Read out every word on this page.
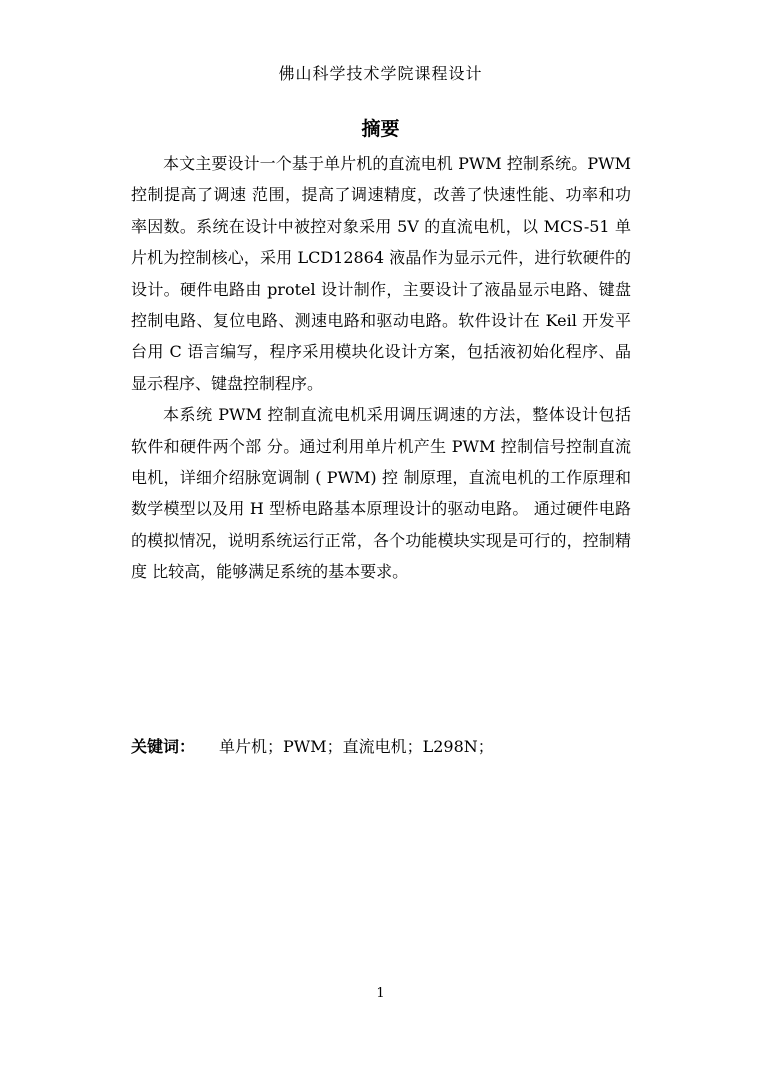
佛山科学技术学院课程设计
摘要

本文主要设计一个基于单片机的直流电机 PWM 控制系统。PWM 控制提高了调速 范围，提高了调速精度，改善了快速性能、功率和功率因数。系统在设计中被控对象采用 5V 的直流电机，以 MCS-51 单片机为控制核心，采用 LCD12864 液晶作为显示元件，进行软硬件的设计。硬件电路由 protel 设计制作，主要设计了液晶显示电路、键盘控制电路、复位电路、测速电路和驱动电路。软件设计在 Keil 开发平台用 C 语言编写，程序采用模块化设计方案，包括液初始化程序、晶显示程序、键盘控制程序。

本系统 PWM 控制直流电机采用调压调速的方法，整体设计包括软件和硬件两个部 分。通过利用单片机产生 PWM 控制信号控制直流电机，详细介绍脉宽调制 ( PWM) 控 制原理，直流电机的工作原理和数学模型以及用 H 型桥电路基本原理设计的驱动电路。 通过硬件电路的模拟情况，说明系统运行正常，各个功能模块实现是可行的，控制精度 比较高，能够满足系统的基本要求。

关键词： 单片机；PWM；直流电机；L298N；
1
